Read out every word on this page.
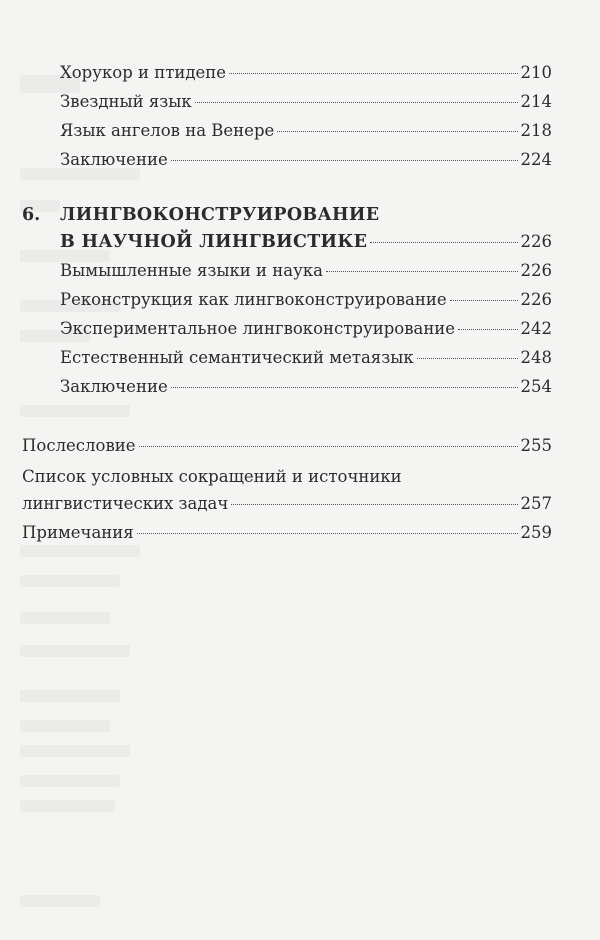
Хорукор и птидепе	210
Звездный язык	214
Язык ангелов на Венере	218
Заключение	224
6. ЛИНГВОКОНСТРУИРОВАНИЕ
В НАУЧНОЙ ЛИНГВИСТИКЕ	226
Вымышленные языки и наука	226
Реконструкция как лингвоконструирование	226
Экспериментальное лингвоконструирование	242
Естественный семантический метаязык	248
Заключение	254
Послесловие	255
Список условных сокращений и источники
лингвистических задач	257
Примечания	259
